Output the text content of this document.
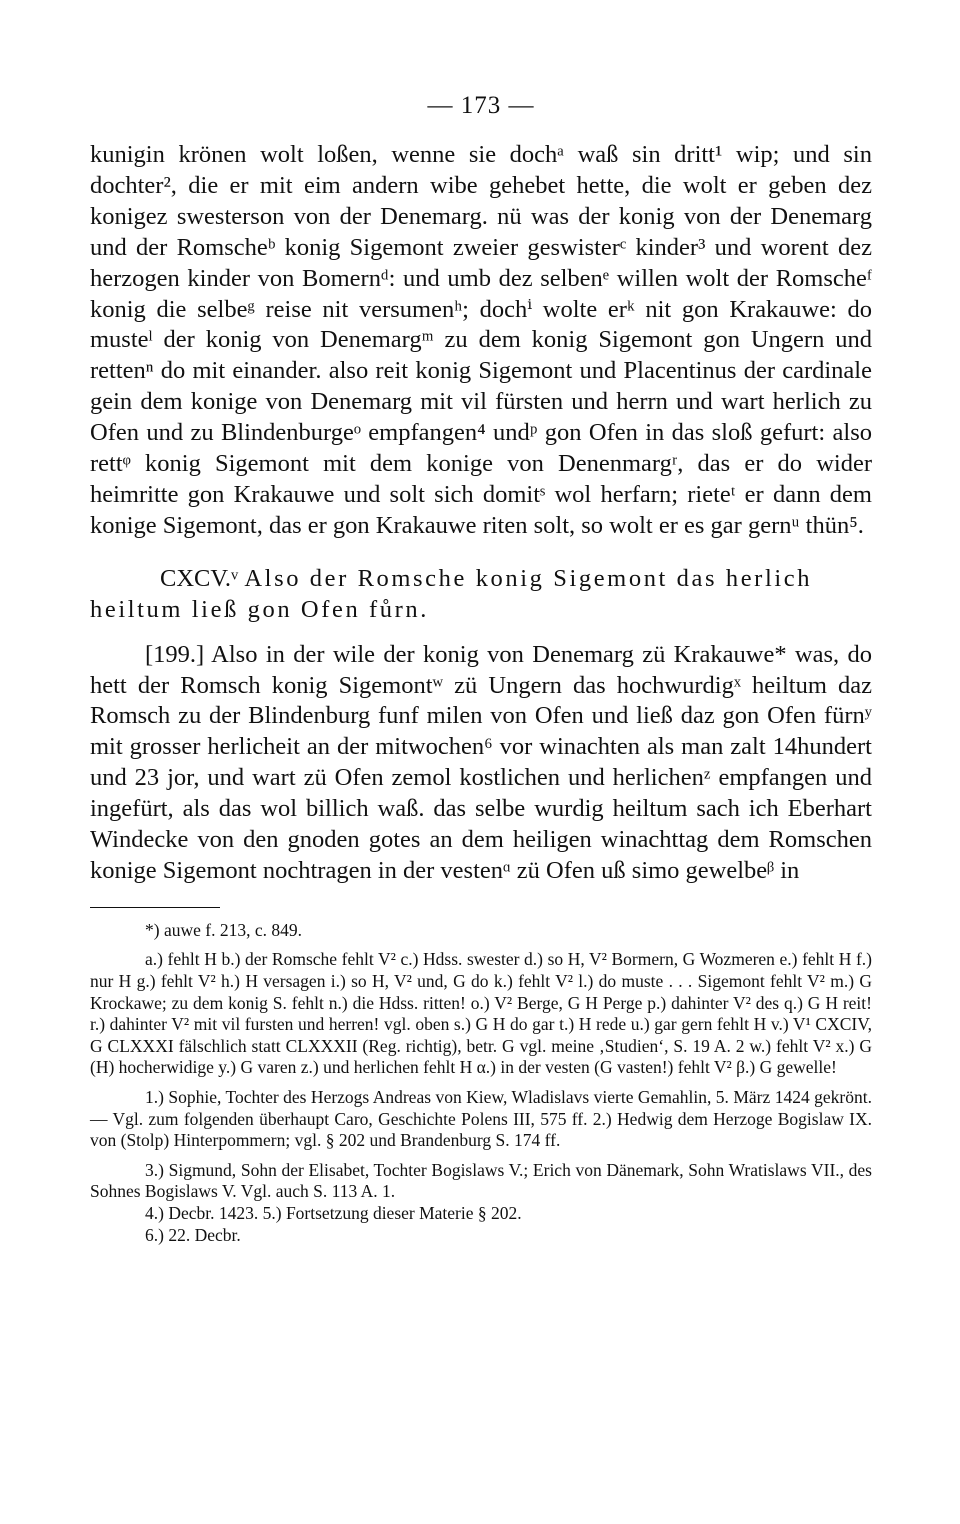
— 173 —

kunigin krönen wolt loßen, wenne sie dochᵃ waß sin dritt¹ wip; und sin dochter², die er mit eim andern wibe gehebet hette, die wolt er geben dez konigez swesterson von der Denemarg. nü was der konig von der Denemarg und der Romscheᵇ konig Sigemont zweier geswisterᶜ kinder³ und worent dez herzogen kinder von Bomernᵈ: und umb dez selbenᵉ willen wolt der Romscheᶠ konig die selbeᵍ reise nit versumenʰ; dochⁱ wolte erᵏ nit gon Krakauwe: do musteˡ der konig von Denemargᵐ zu dem konig Sigemont gon Ungern und rettenⁿ do mit einander. also reit konig Sigemont und Placentinus der cardinale gein dem konige von Denemarg mit vil fürsten und herrn und wart herlich zu Ofen und zu Blindenburgeᵒ empfangen⁴ undᵖ gon Ofen in das sloß gefurt: also rettᵠ konig Sigemont mit dem konige von Denenmargʳ, das er do wider heimritte gon Krakauwe und solt sich domitˢ wol herfarn; rieteᵗ er dann dem konige Sigemont, das er gon Krakauwe riten solt, so wolt er es gar gernᵘ thün⁵.

CXCV.ᵛ Also der Romsche konig Sigemont das herlich heiltum ließ gon Ofen fůrn.

[199.] Also in der wile der konig von Denemarg zü Krakauwe* was, do hett der Romsch konig Sigemontʷ zü Ungern das hochwurdigˣ heiltum daz Romsch zu der Blindenburg funf milen von Ofen und ließ daz gon Ofen fürnʸ mit grosser herlicheit an der mitwochen⁶ vor winachten als man zalt 14hundert und 23 jor, und wart zü Ofen zemol kostlichen und herlichenᶻ empfangen und ingefürt, als das wol billich waß. das selbe wurdig heiltum sach ich Eberhart Windecke von den gnoden gotes an dem heiligen winachttag dem Romschen konige Sigemont nochtragen in der vestenᵅ zü Ofen uß simo gewelbeᵝ in

*) auwe f. 213, c. 849.

a.) fehlt H b.) der Romsche fehlt V² c.) Hdss. swester d.) so H, V² Bormern, G Wozmeren e.) fehlt H f.) nur H g.) fehlt V² h.) H versagen i.) so H, V² und, G do k.) fehlt V² l.) do muste . . . Sigemont fehlt V² m.) G Krockawe; zu dem konig S. fehlt n.) die Hdss. ritten! o.) V² Berge, G H Perge p.) dahinter V² des q.) G H reit! r.) dahinter V² mit vil fursten und herren! vgl. oben s.) G H do gar t.) H rede u.) gar gern fehlt H v.) V¹ CXCIV, G CLXXXI fälschlich statt CLXXXII (Reg. richtig), betr. G vgl. meine ‚Studien‘, S. 19 A. 2 w.) fehlt V² x.) G (H) hocherwidige y.) G varen z.) und herlichen fehlt H α.) in der vesten (G vasten!) fehlt V² β.) G gewelle!

1.) Sophie, Tochter des Herzogs Andreas von Kiew, Wladislavs vierte Gemahlin, 5. März 1424 gekrönt. — Vgl. zum folgenden überhaupt Caro, Geschichte Polens III, 575 ff. 2.) Hedwig dem Herzoge Bogislaw IX. von (Stolp) Hinterpommern; vgl. § 202 und Brandenburg S. 174 ff.

3.) Sigmund, Sohn der Elisabet, Tochter Bogislaws V.; Erich von Dänemark, Sohn Wratislaws VII., des Sohnes Bogislaws V. Vgl. auch S. 113 A. 1.

4.) Decbr. 1423. 5.) Fortsetzung dieser Materie § 202.

6.) 22. Decbr.
